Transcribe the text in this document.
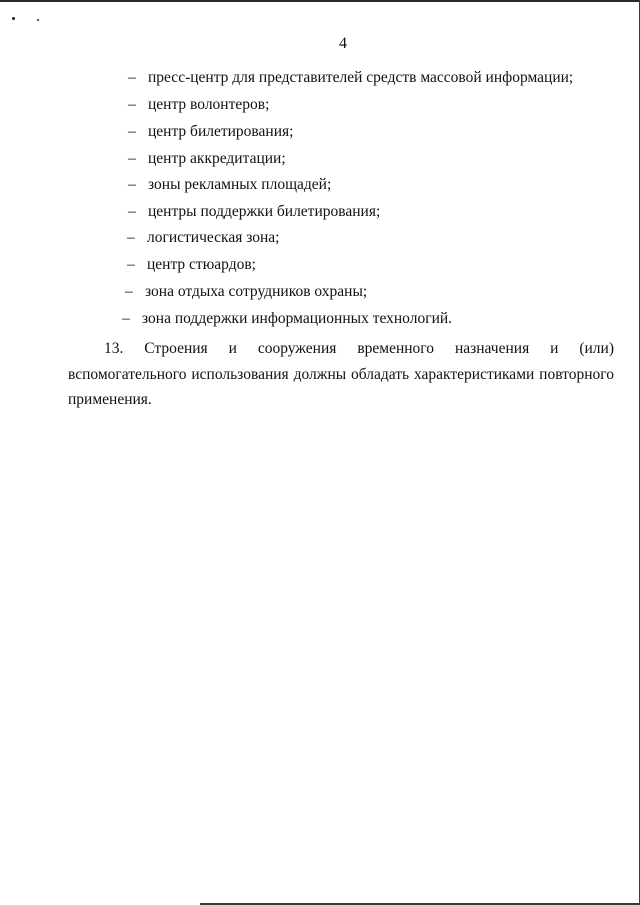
4
– пресс-центр для представителей средств массовой информации;
– центр волонтеров;
– центр билетирования;
– центр аккредитации;
– зоны рекламных площадей;
– центры поддержки билетирования;
– логистическая зона;
– центр стюардов;
– зона отдыха сотрудников охраны;
– зона поддержки информационных технологий.
13. Строения и сооружения временного назначения и (или)
вспомогательного использования должны обладать характеристиками повторного
применения.
